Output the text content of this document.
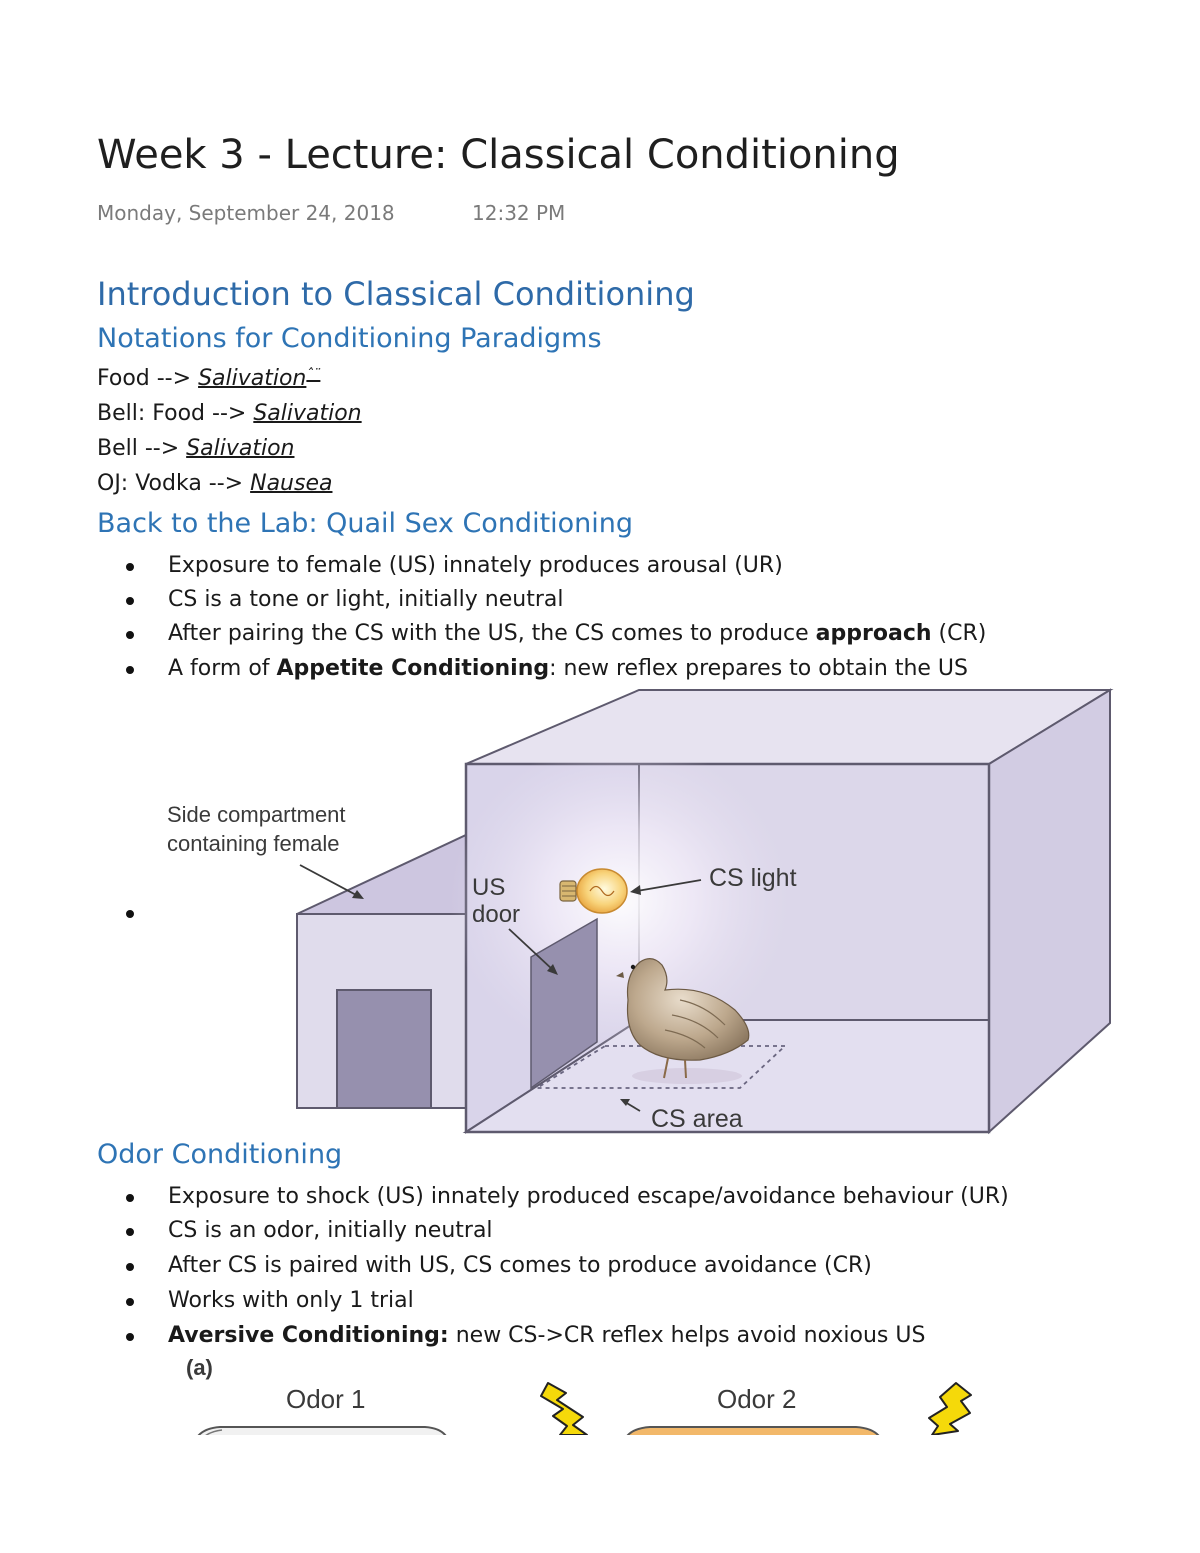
Week 3 - Lecture: Classical Conditioning
Monday, September 24, 2018	12:32 PM
Introduction to Classical Conditioning
Notations for Conditioning Paradigms
Food --> Salivation$^{ˆ¨}$
Bell: Food --> Salivation
Bell --> Salivation
OJ: Vodka --> Nausea
Back to the Lab: Quail Sex Conditioning
Exposure to female (US) innately produces arousal (UR)
CS is a tone or light, initially neutral
After pairing the CS with the US, the CS comes to produce approach (CR)
A form of Appetite Conditioning: new reflex prepares to obtain the US
Side compartment
containing female
US
door
CS light
CS area
Odor Conditioning
Exposure to shock (US) innately produced escape/avoidance behaviour (UR)
CS is an odor, initially neutral
After CS is paired with US, CS comes to produce avoidance (CR)
Works with only 1 trial
Aversive Conditioning: new CS->CR reflex helps avoid noxious US
(a)
Odor 1	Odor 2
